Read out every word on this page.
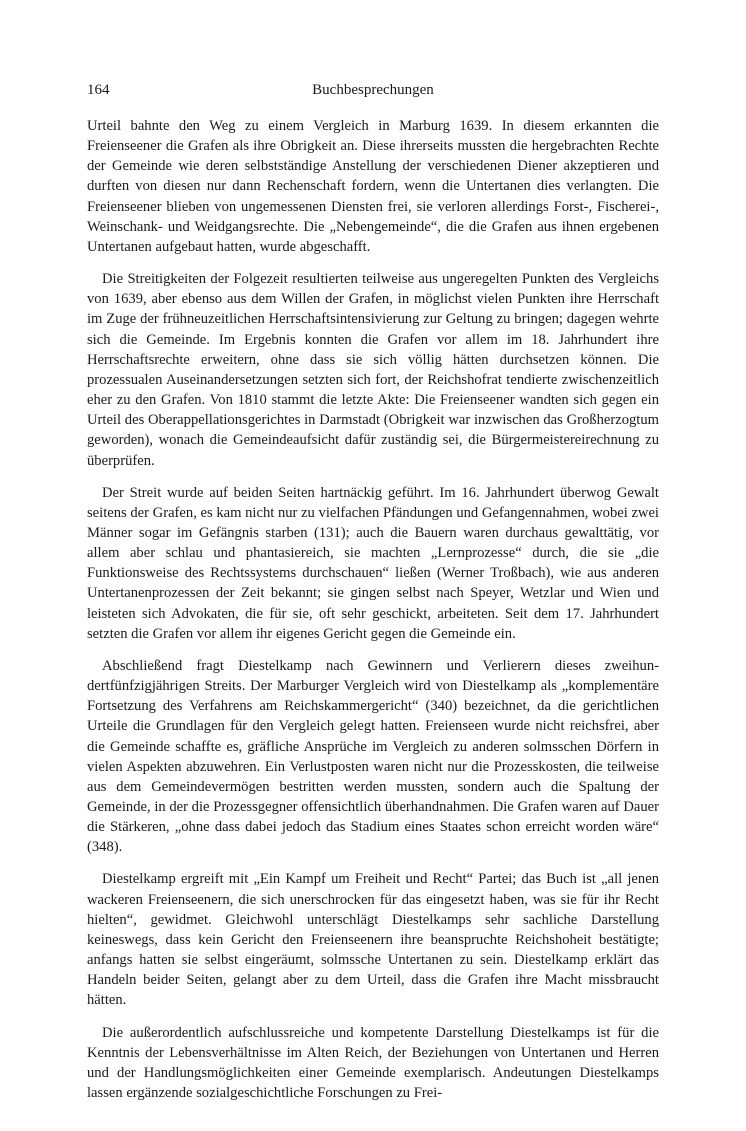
164	Buchbesprechungen

Urteil bahnte den Weg zu einem Vergleich in Marburg 1639. In diesem erkannten die Freienseener die Grafen als ihre Obrigkeit an. Diese ihrerseits mussten die hergebrachten Rechte der Gemeinde wie deren selbstständige Anstellung der verschiedenen Diener akzeptieren und durften von diesen nur dann Rechenschaft fordern, wenn die Untertanen dies verlangten. Die Freienseener blieben von ungemessenen Diensten frei, sie verloren allerdings Forst-, Fischerei-, Weinschank- und Weidgangsrechte. Die „Nebengemeinde“, die die Grafen aus ihnen ergebenen Untertanen aufgebaut hatten, wurde abgeschafft.

Die Streitigkeiten der Folgezeit resultierten teilweise aus ungeregelten Punkten des Vergleichs von 1639, aber ebenso aus dem Willen der Grafen, in möglichst vielen Punkten ihre Herrschaft im Zuge der frühneuzeitlichen Herrschaftsintensivierung zur Geltung zu bringen; dagegen wehrte sich die Gemeinde. Im Ergebnis konnten die Grafen vor allem im 18. Jahrhundert ihre Herrschaftsrechte erweitern, ohne dass sie sich völlig hätten durchsetzen können. Die prozessualen Auseinandersetzungen setzten sich fort, der Reichshofrat tendierte zwischenzeitlich eher zu den Grafen. Von 1810 stammt die letzte Akte: Die Freienseener wandten sich gegen ein Urteil des Oberappellationsgerichtes in Darmstadt (Obrigkeit war inzwischen das Großherzogtum geworden), wonach die Gemeindeaufsicht dafür zuständig sei, die Bürgermeistereirechnung zu überprüfen.

Der Streit wurde auf beiden Seiten hartnäckig geführt. Im 16. Jahrhundert überwog Gewalt seitens der Grafen, es kam nicht nur zu vielfachen Pfändungen und Gefangennahmen, wobei zwei Männer sogar im Gefängnis starben (131); auch die Bauern waren durchaus gewalttätig, vor allem aber schlau und phantasiereich, sie machten „Lernprozesse“ durch, die sie „die Funktionsweise des Rechtssystems durchschauen“ ließen (Werner Troßbach), wie aus anderen Untertanenprozessen der Zeit bekannt; sie gingen selbst nach Speyer, Wetzlar und Wien und leisteten sich Advokaten, die für sie, oft sehr geschickt, arbeiteten. Seit dem 17. Jahrhundert setzten die Grafen vor allem ihr eigenes Gericht gegen die Gemeinde ein.

Abschließend fragt Diestelkamp nach Gewinnern und Verlierern dieses zweihundertfünfzigjährigen Streits. Der Marburger Vergleich wird von Diestelkamp als „komplementäre Fortsetzung des Verfahrens am Reichskammergericht“ (340) bezeichnet, da die gerichtlichen Urteile die Grundlagen für den Vergleich gelegt hatten. Freienseen wurde nicht reichsfrei, aber die Gemeinde schaffte es, gräfliche Ansprüche im Vergleich zu anderen solmsschen Dörfern in vielen Aspekten abzuwehren. Ein Verlustposten waren nicht nur die Prozesskosten, die teilweise aus dem Gemeindevermögen bestritten werden mussten, sondern auch die Spaltung der Gemeinde, in der die Prozessgegner offensichtlich überhandnahmen. Die Grafen waren auf Dauer die Stärkeren, „ohne dass dabei jedoch das Stadium eines Staates schon erreicht worden wäre“ (348).

Diestelkamp ergreift mit „Ein Kampf um Freiheit und Recht“ Partei; das Buch ist „all jenen wackeren Freienseenern, die sich unerschrocken für das eingesetzt haben, was sie für ihr Recht hielten“, gewidmet. Gleichwohl unterschlägt Diestelkamps sehr sachliche Darstellung keineswegs, dass kein Gericht den Freienseenern ihre beanspruchte Reichshoheit bestätigte; anfangs hatten sie selbst eingeräumt, solmssche Untertanen zu sein. Diestelkamp erklärt das Handeln beider Seiten, gelangt aber zu dem Urteil, dass die Grafen ihre Macht missbraucht hätten.

Die außerordentlich aufschlussreiche und kompetente Darstellung Diestelkamps ist für die Kenntnis der Lebensverhältnisse im Alten Reich, der Beziehungen von Untertanen und Herren und der Handlungsmöglichkeiten einer Gemeinde exemplarisch. Andeutungen Diestelkamps lassen ergänzende sozialgeschichtliche Forschungen zu Frei-
